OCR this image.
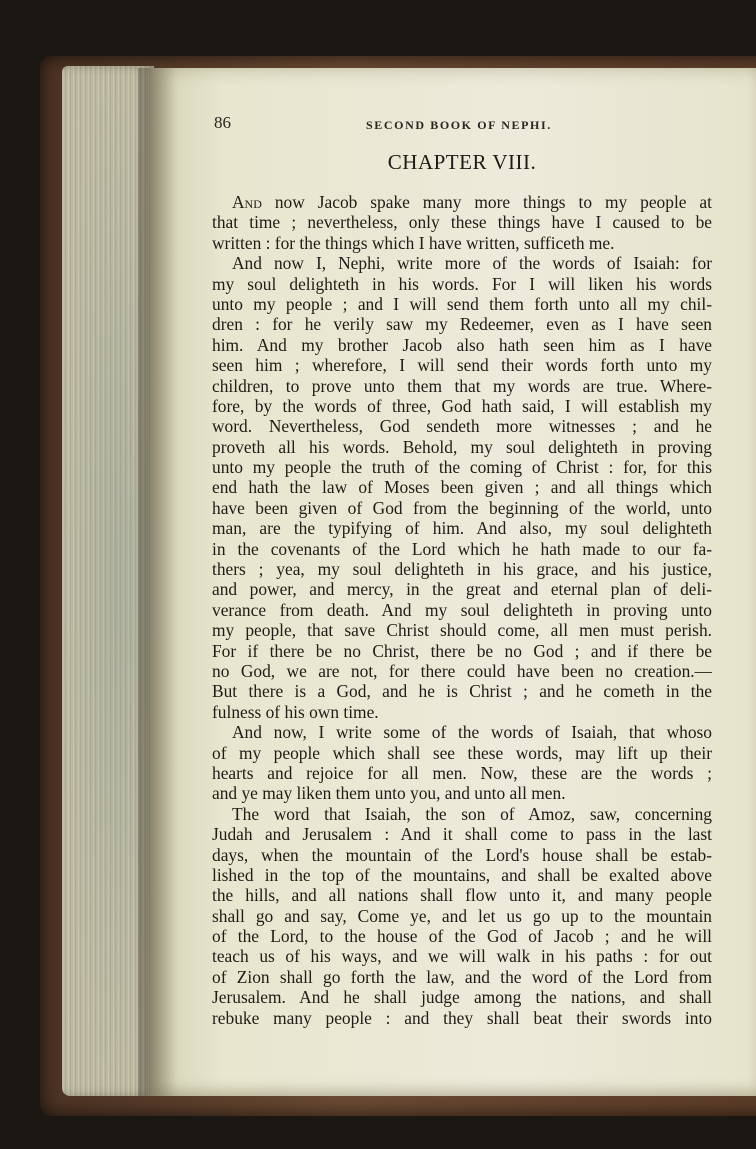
86	SECOND BOOK OF NEPHI.
CHAPTER VIII.
And now Jacob spake many more things to my people at
that time ; nevertheless, only these things have I caused to be
written : for the things which I have written, sufficeth me.
And now I, Nephi, write more of the words of Isaiah: for
my soul delighteth in his words. For I will liken his words
unto my people ; and I will send them forth unto all my chil-
dren : for he verily saw my Redeemer, even as I have seen
him. And my brother Jacob also hath seen him as I have
seen him ; wherefore, I will send their words forth unto my
children, to prove unto them that my words are true. Where-
fore, by the words of three, God hath said, I will establish my
word. Nevertheless, God sendeth more witnesses ; and he
proveth all his words. Behold, my soul delighteth in proving
unto my people the truth of the coming of Christ : for, for this
end hath the law of Moses been given ; and all things which
have been given of God from the beginning of the world, unto
man, are the typifying of him. And also, my soul delighteth
in the covenants of the Lord which he hath made to our fa-
thers ; yea, my soul delighteth in his grace, and his justice,
and power, and mercy, in the great and eternal plan of deli-
verance from death. And my soul delighteth in proving unto
my people, that save Christ should come, all men must perish.
For if there be no Christ, there be no God ; and if there be
no God, we are not, for there could have been no creation.—
But there is a God, and he is Christ ; and he cometh in the
fulness of his own time.
And now, I write some of the words of Isaiah, that whoso
of my people which shall see these words, may lift up their
hearts and rejoice for all men. Now, these are the words ;
and ye may liken them unto you, and unto all men.
The word that Isaiah, the son of Amoz, saw, concerning
Judah and Jerusalem : And it shall come to pass in the last
days, when the mountain of the Lord's house shall be estab-
lished in the top of the mountains, and shall be exalted above
the hills, and all nations shall flow unto it, and many people
shall go and say, Come ye, and let us go up to the mountain
of the Lord, to the house of the God of Jacob ; and he will
teach us of his ways, and we will walk in his paths : for out
of Zion shall go forth the law, and the word of the Lord from
Jerusalem. And he shall judge among the nations, and shall
rebuke many people : and they shall beat their swords into
